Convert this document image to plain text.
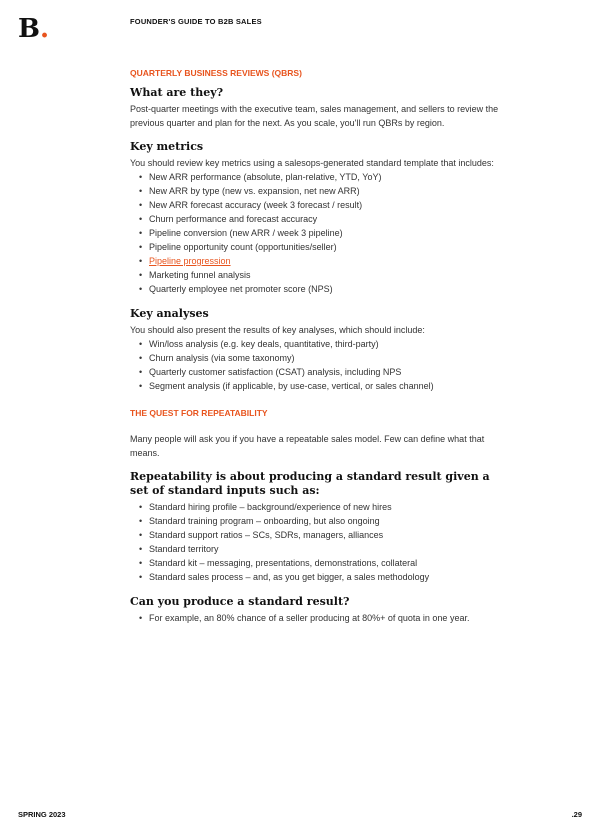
B.	FOUNDER'S GUIDE TO B2B SALES
QUARTERLY BUSINESS REVIEWS (QBRS)
What are they?

Post-quarter meetings with the executive team, sales management, and sellers to review the previous quarter and plan for the next. As you scale, you'll run QBRs by region.

Key metrics

You should review key metrics using a salesops-generated standard template that includes:

• New ARR performance (absolute, plan-relative, YTD, YoY)
• New ARR by type (new vs. expansion, net new ARR)
• New ARR forecast accuracy (week 3 forecast / result)
• Churn performance and forecast accuracy
• Pipeline conversion (new ARR / week 3 pipeline)
• Pipeline opportunity count (opportunities/seller)
• Pipeline progression
• Marketing funnel analysis
• Quarterly employee net promoter score (NPS)
Key analyses

You should also present the results of key analyses, which should include:

• Win/loss analysis (e.g. key deals, quantitative, third-party)
• Churn analysis (via some taxonomy)
• Quarterly customer satisfaction (CSAT) analysis, including NPS
• Segment analysis (if applicable, by use-case, vertical, or sales channel)
THE QUEST FOR REPEATABILITY

Many people will ask you if you have a repeatable sales model. Few can define what that means.

Repeatability is about producing a standard result given a set of standard inputs such as:
• Standard hiring profile – background/experience of new hires
• Standard training program – onboarding, but also ongoing
• Standard support ratios – SCs, SDRs, managers, alliances
• Standard territory
• Standard kit – messaging, presentations, demonstrations, collateral
• Standard sales process – and, as you get bigger, a sales methodology
Can you produce a standard result?
• For example, an 80% chance of a seller producing at 80%+ of quota in one year.
SPRING 2023	.29
